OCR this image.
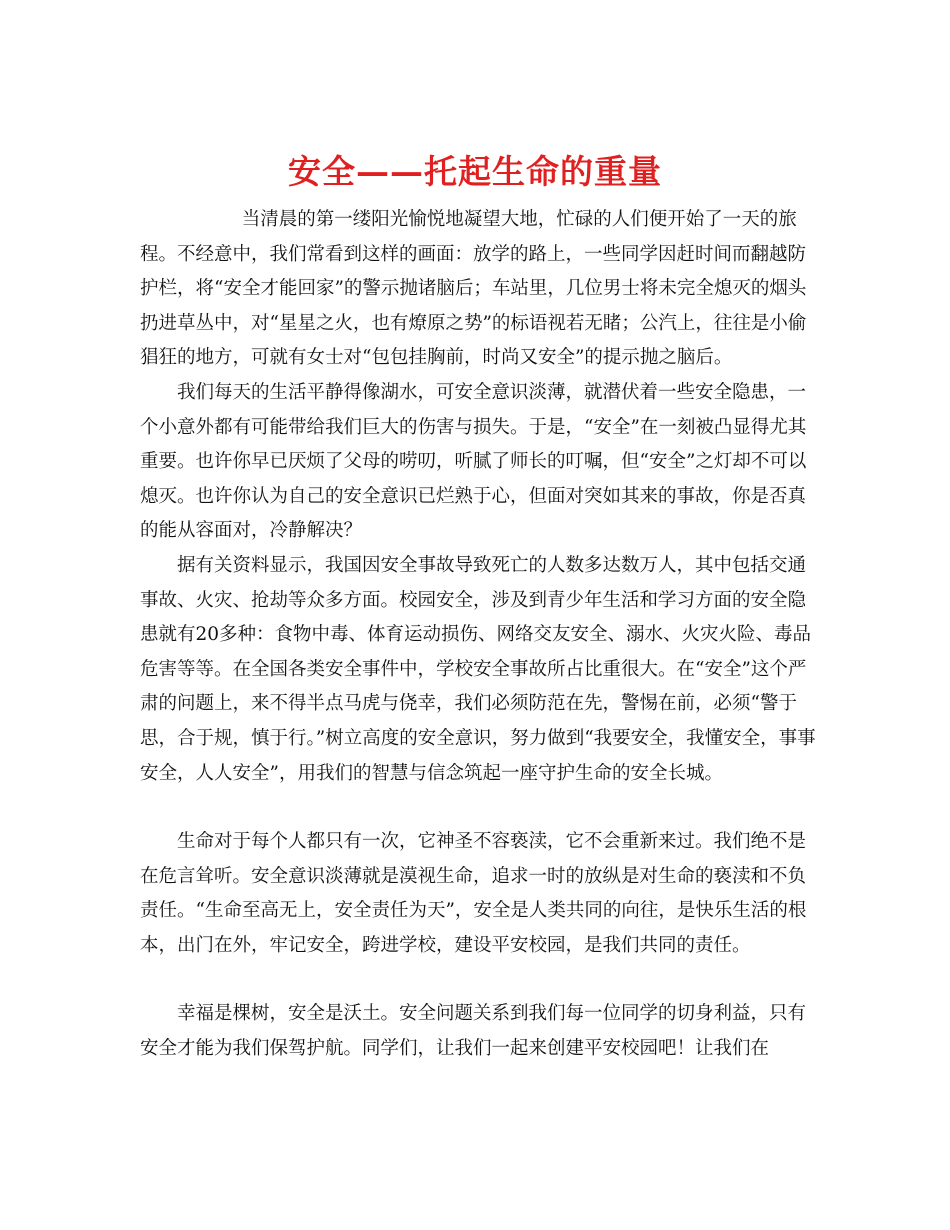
安全——托起生命的重量

当清晨的第一缕阳光愉悦地凝望大地，忙碌的人们便开始了一天的旅程。不经意中，我们常看到这样的画面：放学的路上，一些同学因赶时间而翻越防护栏，将“安全才能回家”的警示抛诸脑后；车站里，几位男士将未完全熄灭的烟头扔进草丛中，对“星星之火，也有燎原之势”的标语视若无睹；公汽上，往往是小偷猖狂的地方，可就有女士对“包包挂胸前，时尚又安全”的提示抛之脑后。

我们每天的生活平静得像湖水，可安全意识淡薄，就潜伏着一些安全隐患，一个小意外都有可能带给我们巨大的伤害与损失。于是，“安全”在一刻被凸显得尤其重要。也许你早已厌烦了父母的唠叨，听腻了师长的叮嘱，但“安全”之灯却不可以熄灭。也许你认为自己的安全意识已烂熟于心，但面对突如其来的事故，你是否真的能从容面对，冷静解决？

据有关资料显示，我国因安全事故导致死亡的人数多达数万人，其中包括交通事故、火灾、抢劫等众多方面。校园安全，涉及到青少年生活和学习方面的安全隐患就有20多种：食物中毒、体育运动损伤、网络交友安全、溺水、火灾火险、毒品危害等等。在全国各类安全事件中，学校安全事故所占比重很大。在“安全”这个严肃的问题上，来不得半点马虎与侥幸，我们必须防范在先，警惕在前，必须“警于思，合于规，慎于行。”树立高度的安全意识，努力做到“我要安全，我懂安全，事事安全，人人安全”，用我们的智慧与信念筑起一座守护生命的安全长城。

生命对于每个人都只有一次，它神圣不容亵渎，它不会重新来过。我们绝不是在危言耸听。安全意识淡薄就是漠视生命，追求一时的放纵是对生命的亵渎和不负责任。“生命至高无上，安全责任为天”，安全是人类共同的向往，是快乐生活的根本，出门在外，牢记安全，跨进学校，建设平安校园，是我们共同的责任。

幸福是棵树，安全是沃土。安全问题关系到我们每一位同学的切身利益，只有安全才能为我们保驾护航。同学们，让我们一起来创建平安校园吧！让我们在
